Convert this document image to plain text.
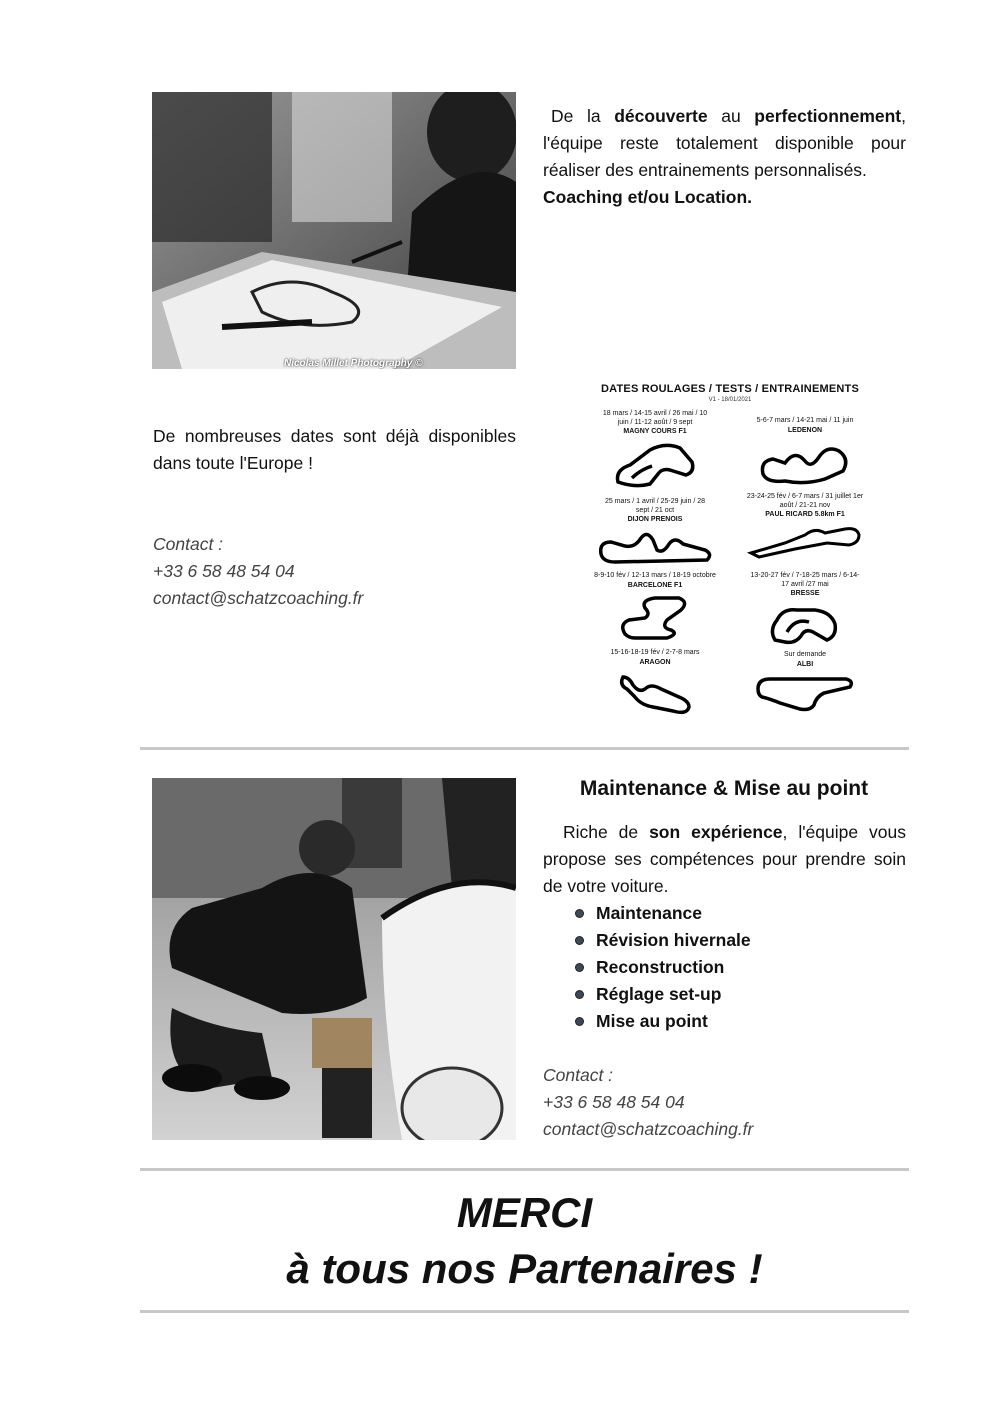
Nicolas Millet Photography ©
De la découverte au perfectionnement, l'équipe reste totalement disponible pour réaliser des entrainements personnalisés.
Coaching et/ou Location.
De nombreuses dates sont déjà disponibles dans toute l'Europe !
Contact :
+33 6 58 48 54 04
contact@schatzcoaching.fr
DATES ROULAGES / TESTS / ENTRAINEMENTS
V1 - 18/01/2021
18 mars / 14-15 avril / 26 mai / 10 juin / 11-12 août / 9 sept
MAGNY COURS F1
5-6-7 mars / 14-21 mai / 11 juin
LEDENON
25 mars / 1 avril / 25-29 juin / 28 sept / 21 oct
DIJON PRENOIS
23-24-25 fév / 6-7 mars / 31 juillet 1er août / 21-21 nov
PAUL RICARD 5.8km F1
8-9-10 fév / 12-13 mars / 18-19 octobre
BARCELONE F1
13-20-27 fév / 7-18-25 mars / 6-14-17 avril /27 mai
BRESSE
15-16-18-19 fév / 2-7-8 mars
ARAGON
Sur demande
ALBI
Maintenance & Mise au point
Riche de son expérience, l'équipe vous propose ses compétences pour prendre soin de votre voiture.
Maintenance
Révision hivernale
Reconstruction
Réglage set-up
Mise au point
Contact :
+33 6 58 48 54 04
contact@schatzcoaching.fr
MERCI
à tous nos Partenaires !
